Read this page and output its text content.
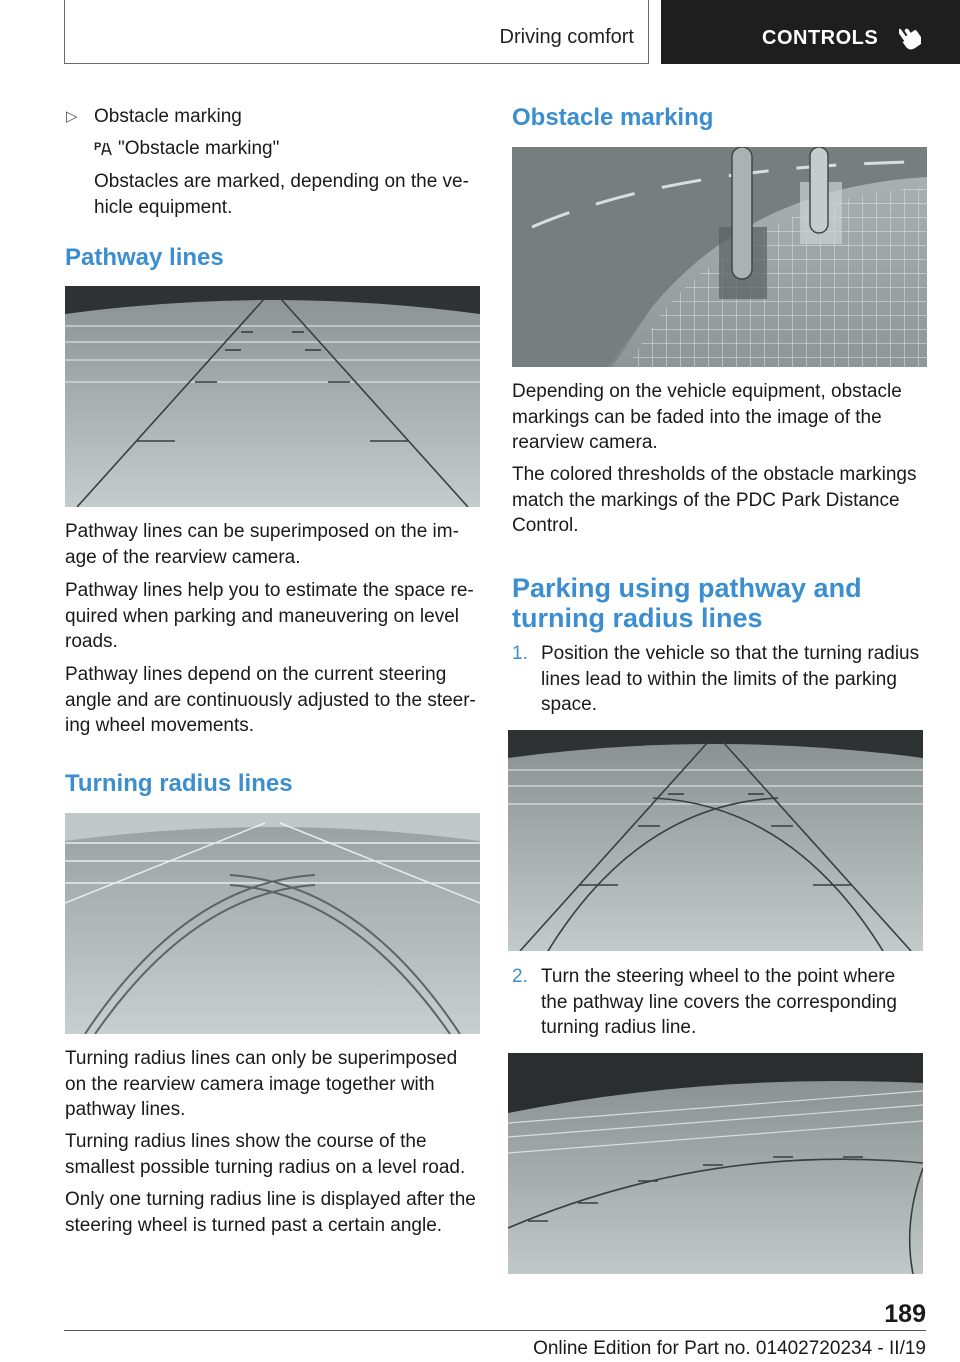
Driving comfort	CONTROLS
▷ Obstacle marking
P "Obstacle marking"
Obstacles are marked, depending on the ve-
hicle equipment.
Pathway lines
Pathway lines can be superimposed on the im-
age of the rearview camera.
Pathway lines help you to estimate the space re-
quired when parking and maneuvering on level
roads.
Pathway lines depend on the current steering
angle and are continuously adjusted to the steer-
ing wheel movements.
Turning radius lines
Turning radius lines can only be superimposed
on the rearview camera image together with
pathway lines.
Turning radius lines show the course of the
smallest possible turning radius on a level road.
Only one turning radius line is displayed after the
steering wheel is turned past a certain angle.
Obstacle marking
Depending on the vehicle equipment, obstacle
markings can be faded into the image of the
rearview camera.
The colored thresholds of the obstacle markings
match the markings of the PDC Park Distance
Control.
Parking using pathway and
turning radius lines
1. Position the vehicle so that the turning radius
lines lead to within the limits of the parking
space.
2. Turn the steering wheel to the point where
the pathway line covers the corresponding
turning radius line.
189
Online Edition for Part no. 01402720234 - II/19
